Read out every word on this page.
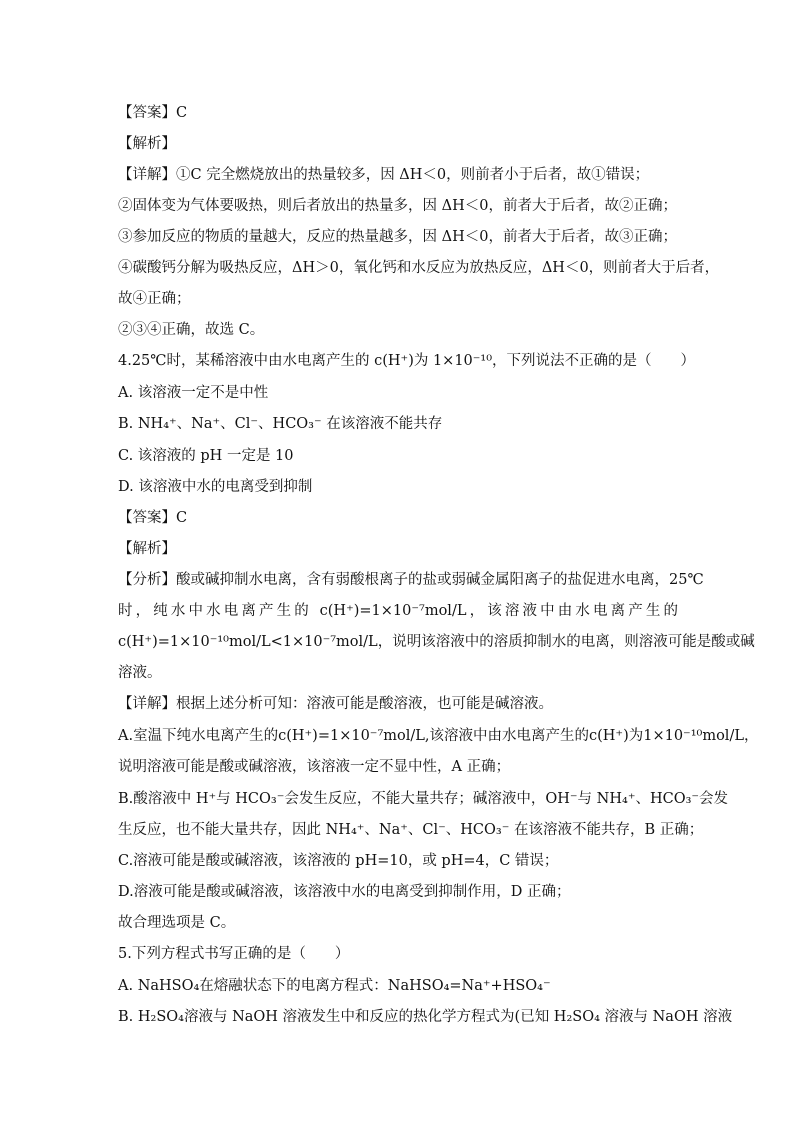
【答案】C
【解析】
【详解】①C 完全燃烧放出的热量较多，因 ΔH＜0，则前者小于后者，故①错误；
②固体变为气体要吸热，则后者放出的热量多，因 ΔH＜0，前者大于后者，故②正确；
③参加反应的物质的量越大，反应的热量越多，因 ΔH＜0，前者大于后者，故③正确；
④碳酸钙分解为吸热反应，ΔH＞0，氧化钙和水反应为放热反应，ΔH＜0，则前者大于后者，
故④正确；
②③④正确，故选 C。
4.25℃时，某稀溶液中由水电离产生的 c(H⁺)为 1×10⁻¹⁰，下列说法不正确的是（　　）
A. 该溶液一定不是中性
B. NH₄⁺、Na⁺、Cl⁻、HCO₃⁻ 在该溶液不能共存
C. 该溶液的 pH 一定是 10
D. 该溶液中水的电离受到抑制
【答案】C
【解析】
【分析】酸或碱抑制水电离，含有弱酸根离子的盐或弱碱金属阳离子的盐促进水电离，25℃
时，纯水中水电离产生的 c(H⁺)=1×10⁻⁷mol/L，该溶液中由水电离产生的
c(H⁺)=1×10⁻¹⁰mol/L<1×10⁻⁷mol/L，说明该溶液中的溶质抑制水的电离，则溶液可能是酸或碱
溶液。
【详解】根据上述分析可知：溶液可能是酸溶液，也可能是碱溶液。
A.室温下纯水电离产生的c(H⁺)=1×10⁻⁷mol/L,该溶液中由水电离产生的c(H⁺)为1×10⁻¹⁰mol/L，
说明溶液可能是酸或碱溶液，该溶液一定不显中性，A 正确；
B.酸溶液中 H⁺与 HCO₃⁻会发生反应，不能大量共存；碱溶液中，OH⁻与 NH₄⁺、HCO₃⁻会发
生反应，也不能大量共存，因此 NH₄⁺、Na⁺、Cl⁻、HCO₃⁻ 在该溶液不能共存，B 正确；
C.溶液可能是酸或碱溶液，该溶液的 pH=10，或 pH=4，C 错误；
D.溶液可能是酸或碱溶液，该溶液中水的电离受到抑制作用，D 正确；
故合理选项是 C。
5.下列方程式书写正确的是（　　）
A. NaHSO₄在熔融状态下的电离方程式：NaHSO₄=Na⁺+HSO₄⁻
B. H₂SO₄溶液与 NaOH 溶液发生中和反应的热化学方程式为(已知 H₂SO₄ 溶液与 NaOH 溶液
